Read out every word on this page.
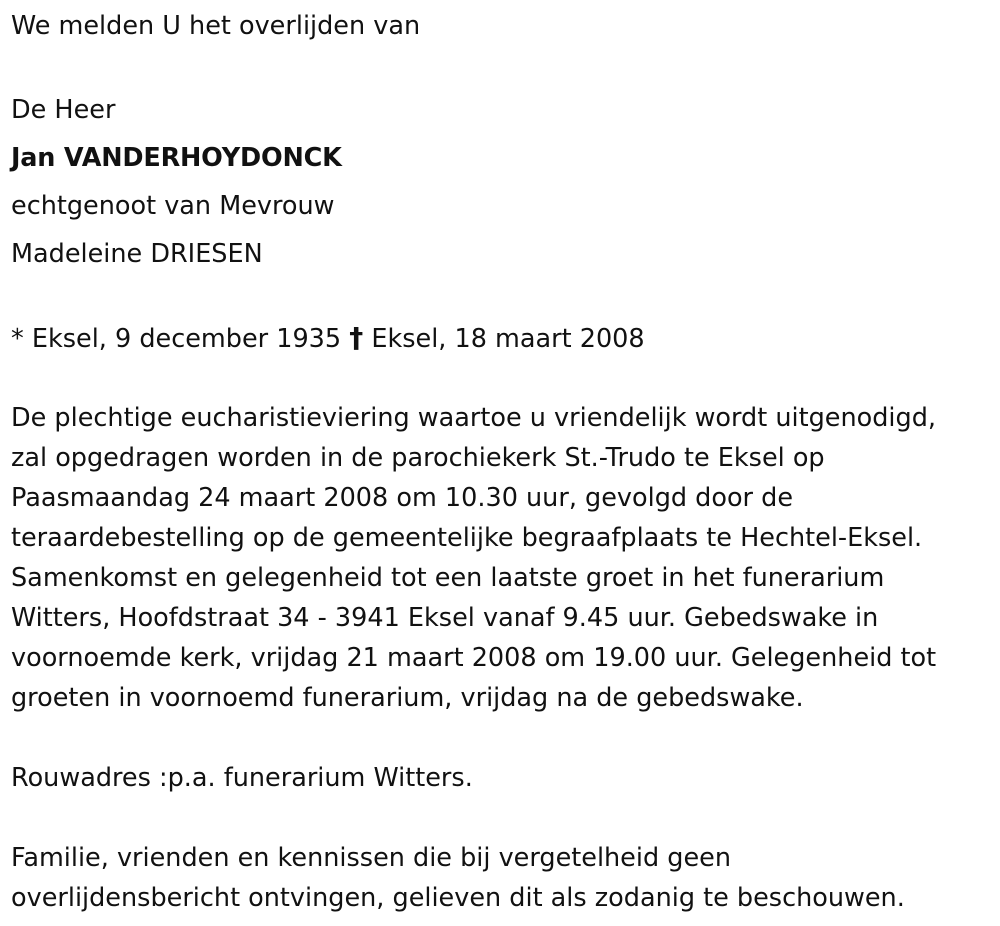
We melden U het overlijden van
De Heer
Jan VANDERHOYDONCK
echtgenoot van Mevrouw
Madeleine DRIESEN
* Eksel, 9 december 1935 † Eksel, 18 maart 2008
De plechtige eucharistieviering waartoe u vriendelijk wordt uitgenodigd,
zal opgedragen worden in de parochiekerk St.-Trudo te Eksel op
Paasmaandag 24 maart 2008 om 10.30 uur, gevolgd door de
teraardebestelling op de gemeentelijke begraafplaats te Hechtel-Eksel.
Samenkomst en gelegenheid tot een laatste groet in het funerarium
Witters, Hoofdstraat 34 - 3941 Eksel vanaf 9.45 uur. Gebedswake in
voornoemde kerk, vrijdag 21 maart 2008 om 19.00 uur. Gelegenheid tot
groeten in voornoemd funerarium, vrijdag na de gebedswake.
Rouwadres :p.a. funerarium Witters.
Familie, vrienden en kennissen die bij vergetelheid geen
overlijdensbericht ontvingen, gelieven dit als zodanig te beschouwen.
